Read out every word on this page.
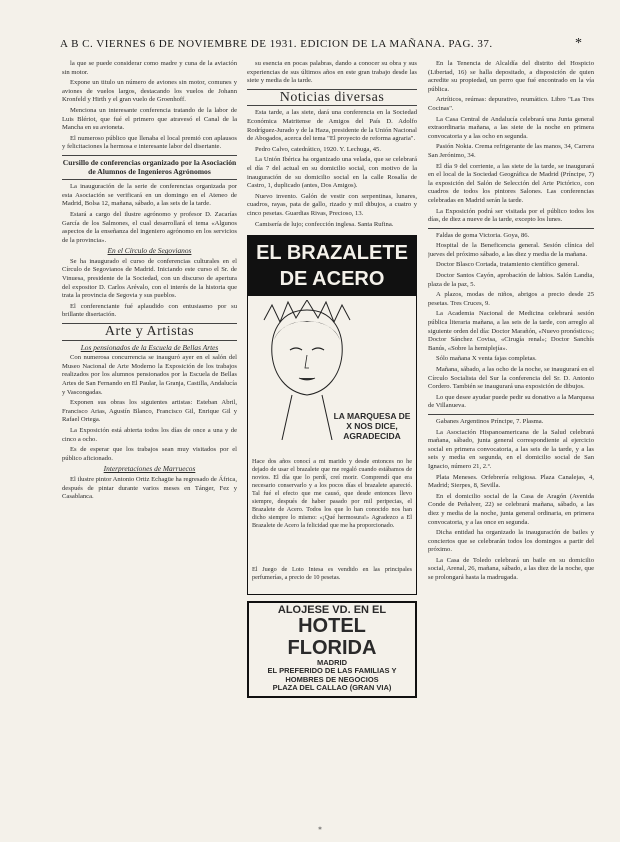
A B C. VIERNES 6 DE NOVIEMBRE DE 1931. EDICION DE LA MAÑANA. PAG. 37.	*

la que se puede considerar como madre y cuna de la aviación sin motor.

Expone un titulo un número de aviones sin motor, comunes y aviones de vuelos largos, destacando los vuelos de Johann Kronfeld y Hirth y el gran vuelo de Groenhoff.

Menciona un interesante conferencia tratando de la labor de Luis Blériot, que fué el primero que atravesó el Canal de la Mancha en su avioneta.

El numeroso público que llenaba el local premió con aplausos y felicitaciones la hermosa e interesante labor del disertante.

Cursillo de conferencias organizado por la Asociación de Alumnos de Ingenieros Agrónomos

La inauguración de la serie de conferencias organizada por esta Asociación se verificará en un domingo en el Ateneo de Madrid, Bolsa 12, mañana, sábado, a las seis de la tarde.

Estará a cargo del ilustre agrónomo y profesor D. Zacarías García de los Salmones, el cual desarrollará el tema «Algunos aspectos de la enseñanza del ingeniero agrónomo en los servicios de la provincia».

En el Círculo de Segovianos

Se ha inaugurado el curso de conferencias culturales en el Círculo de Segovianos de Madrid. Iniciando este curso el Sr. de Vinuesa, presidente de la Sociedad, con un discurso de apertura del expositor D. Carlos Arévalo, con el interés de la historia que trata la provincia de Segovia y sus pueblos.

El conferenciante fué aplaudido con entusiasmo por su brillante disertación.

Arte y Artistas
Los pensionados de la Escuela de Bellas Artes

Con numerosa concurrencia se inauguró ayer en el salón del Museo Nacional de Arte Moderno la Exposición de los trabajos realizados por los alumnos pensionados por la Escuela de Bellas Artes de San Fernando en El Paular, la Granja, Castilla, Andalucía y Vascongadas.

Exponen sus obras los siguientes artistas: Esteban Abril, Francisco Arias, Agustín Blanco, Francisco Gil, Enrique Gil y Rafael Ortega.

La Exposición está abierta todos los días de once a una y de cinco a ocho.

Es de esperar que los trabajos sean muy visitados por el público aficionado.

Interpretaciones de Marruecos

El ilustre pintor Antonio Ortiz Echagüe ha regresado de África, después de pintar durante varios meses en Tánger, Fez y Casablanca.

su esencia en pocas palabras, dando a conocer su obra y sus experiencias de sus últimos años en este gran trabajo desde las siete y media de la tarde.

Noticias diversas

Esta tarde, a las siete, dará una conferencia en la Sociedad Económica Matritense de Amigos del País D. Adolfo Rodríguez-Jurado y de la Haza, presidente de la Unión Nacional de Abogados, acerca del tema "El proyecto de reforma agraria".

Pedro Calvo, catedrático, 1920. Y. Lechuga, 45.

La Unión Ibérica ha organizado una velada, que se celebrará el día 7 del actual en su domicilio social, con motivo de la inauguración de su domicilio social en la calle Rosalía de Castro, 1, duplicado (antes, Dos Amigos).

Nuevo invento. Galón de vestir con serpentinas, lunares, cuadros, rayas, pata de gallo, rizado y mil dibujos, a cuatro y cinco pesetas. Guardias Rivas, Precioso, 13.

Camisería de lujo; confección inglesa. Santa Rufina.

EL BRAZALETE DE ACERO
LA MARQUESA DE X NOS DICE, AGRADECIDA
Hace dos años conocí a mi marido y desde entonces no he dejado de usar el brazalete que me regaló cuando estábamos de novios. El día que lo perdí, creí morir. Comprendí que era necesario conservarlo y a los pocos días el brazalete apareció. Tal fué el efecto que me causó, que desde entonces llevo siempre, después de haber pasado por mil peripecias, el Brazalete de Acero. Todos los que lo han conocido nos han dicho siempre lo mismo: «¡Qué hermosura!» Agradezco a El Brazalete de Acero la felicidad que me ha proporcionado.
El Juego de Loto Intesa es vendido en las principales perfumerías, a precio de 10 pesetas.
ALOJESE VD. EN EL
HOTEL FLORIDA
MADRID
EL PREFERIDO DE LAS FAMILIAS Y HOMBRES DE NEGOCIOS
PLAZA DEL CALLAO (GRAN VIA)

En la Tenencia de Alcaldía del distrito del Hospicio (Libertad, 16) se halla depositado, a disposición de quien acredite su propiedad, un perro que fué encontrado en la vía pública.

Artríticos, reúmas: depurativo, reumático. Libro "Las Tres Cocinas".

La Casa Central de Andalucía celebrará una Junta general extraordinaria mañana, a las siete de la noche en primera convocatoria y a las ocho en segunda.

Pasión Nokia. Crema refrigerante de las manos, 34, Carrera San Jerónimo, 34.

El día 9 del corriente, a las siete de la tarde, se inaugurará en el local de la Sociedad Geográfica de Madrid (Príncipe, 7) la exposición del Salón de Selección del Arte Pictórico, con cuadros de todos los pintores Salones. Las conferencias celebradas en Madrid serán la tarde.

La Exposición podrá ser visitada por el público todos los días, de diez a nueve de la tarde, excepto los lunes.

Faldas de goma Victoria. Goya, 86.

Hospital de la Beneficencia general. Sesión clínica del jueves del próximo sábado, a las diez y media de la mañana.

Doctor Blasco Cortada, tratamiento científico general.

Doctor Santos Cayón, aprobación de labios. Salón Landia, plaza de la paz, 5.

A plazos, modas de niños, abrigos a precio desde 25 pesetas. Tres Cruces, 9.

La Academia Nacional de Medicina celebrará sesión pública literaria mañana, a las seis de la tarde, con arreglo al siguiente orden del día: Doctor Marañón, «Nuevo pronóstico»; Doctor Sánchez Covisa, «Cirugía renal»; Doctor Sanchís Banús, «Sobre la hemiplejía».

Sólo mañana X venta fajas completas.

Mañana, sábado, a las ocho de la noche, se inaugurará en el Círculo Socialista del Sur la conferencia del Sr. D. Antonio Cordero. También se inaugurará una exposición de dibujos.

Lo que desee ayudar puede pedir su donativo a la Marquesa de Villanueva.

Gabanes Argentinos Príncipe, 7. Plasma.

La Asociación Hispanoamericana de la Salud celebrará mañana, sábado, junta general correspondiente al ejercicio social en primera convocatoria, a las seis de la tarde, y a las seis y media en segunda, en el domicilio social de San Ignacio, número 21, 2.º.

Plata Meneses. Orfebrería religiosa. Plaza Canalejas, 4, Madrid; Sierpes, 8, Sevilla.

En el domicilio social de la Casa de Aragón (Avenida Conde de Peñalver, 22) se celebrará mañana, sábado, a las diez y media de la noche, junta general ordinaria, en primera convocatoria, y a las once en segunda.

Dicha entidad ha organizado la inauguración de bailes y conciertos que se celebrarán todos los domingos a partir del próximo.

La Casa de Toledo celebrará un baile en su domicilio social, Arenal, 26, mañana, sábado, a las diez de la noche, que se prolongará hasta la madrugada.

*
